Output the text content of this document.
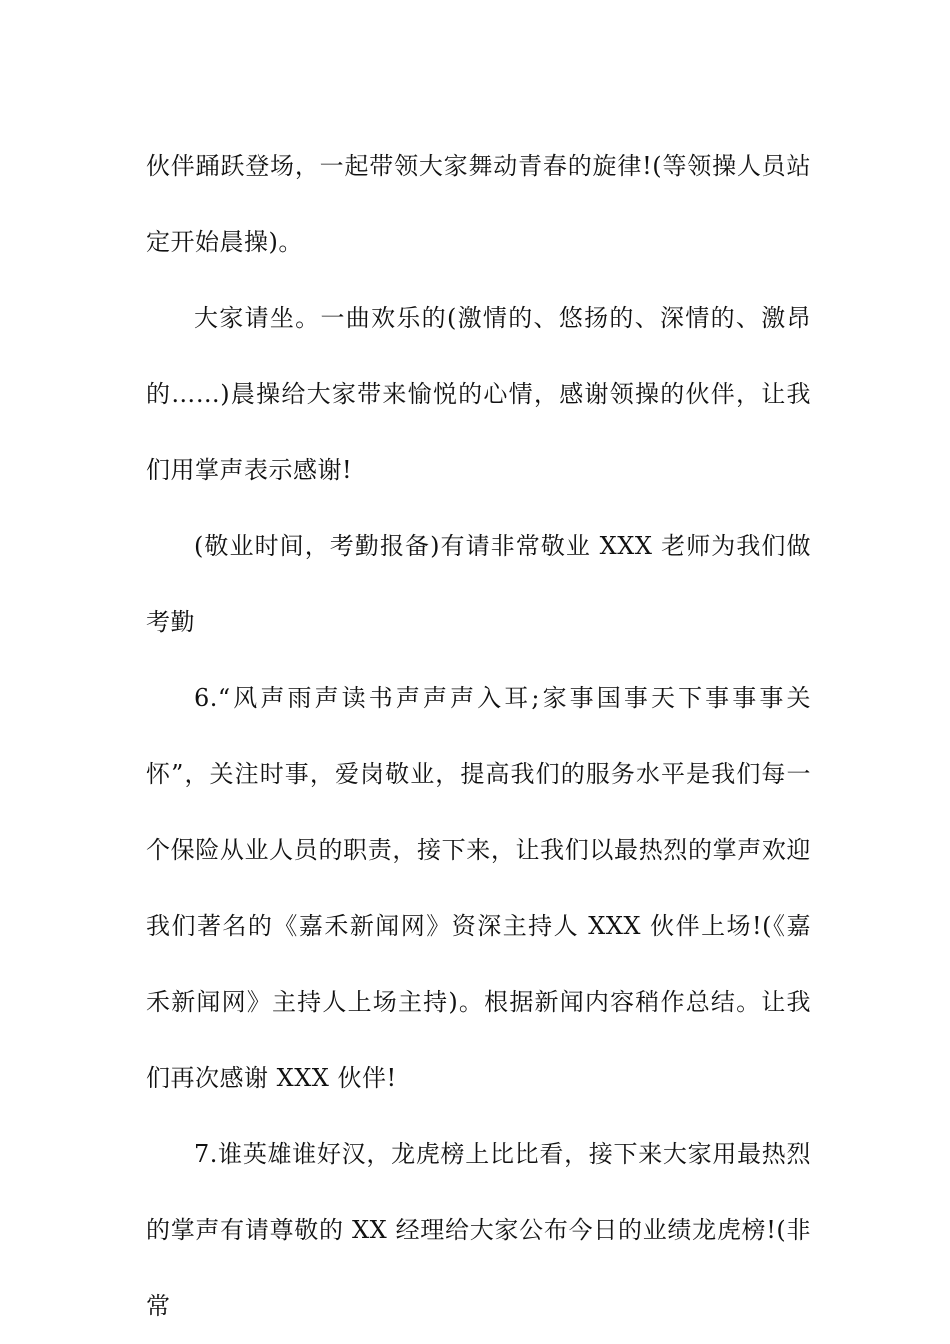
伙伴踊跃登场，一起带领大家舞动青春的旋律!(等领操人员站定开始晨操)。

大家请坐。一曲欢乐的(激情的、悠扬的、深情的、激昂的……)晨操给大家带来愉悦的心情，感谢领操的伙伴，让我们用掌声表示感谢!

(敬业时间，考勤报备)有请非常敬业 XXX 老师为我们做考勤

6.“风声雨声读书声声声入耳;家事国事天下事事事关怀”，关注时事，爱岗敬业，提高我们的服务水平是我们每一个保险从业人员的职责，接下来，让我们以最热烈的掌声欢迎我们著名的《嘉禾新闻网》资深主持人 XXX 伙伴上场!(《嘉禾新闻网》主持人上场主持)。根据新闻内容稍作总结。让我们再次感谢 XXX 伙伴!

7.谁英雄谁好汉，龙虎榜上比比看，接下来大家用最热烈的掌声有请尊敬的 XX 经理给大家公布今日的业绩龙虎榜!(非常
